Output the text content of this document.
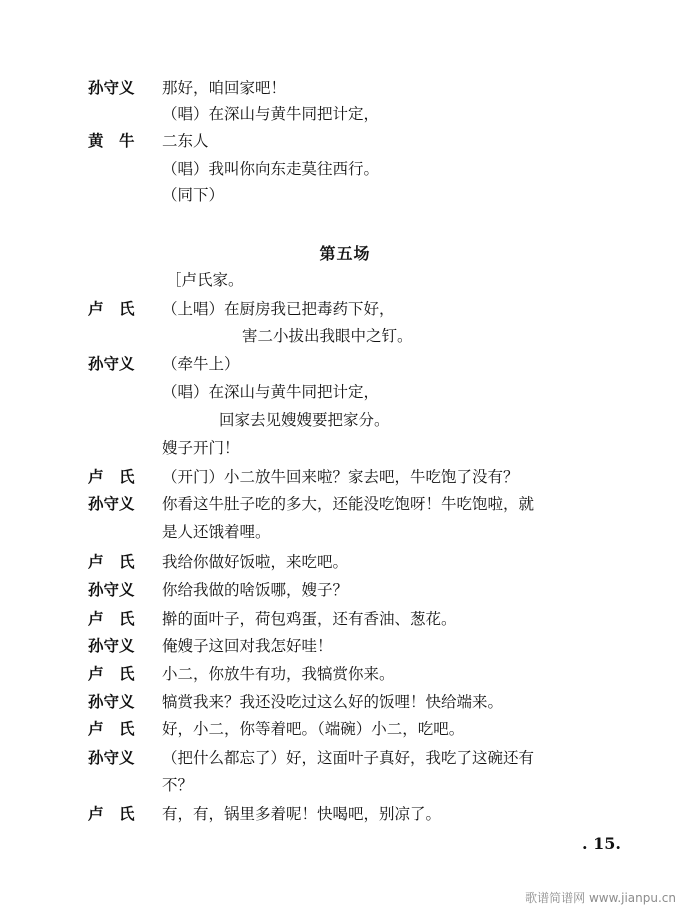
孙守义	那好，咱回家吧！
（唱）在深山与黄牛同把计定，
黄　牛	二东人
（唱）我叫你向东走莫往西行。
（同下）
第五场
［卢氏家。
卢　氏	（上唱）在厨房我已把毒药下好，
害二小拔出我眼中之钉。
孙守义	（牵牛上）
（唱）在深山与黄牛同把计定，
回家去见嫂嫂要把家分。
嫂子开门！
卢　氏	（开门）小二放牛回来啦？家去吧，牛吃饱了没有？
孙守义	你看这牛肚子吃的多大，还能没吃饱呀！牛吃饱啦，就
是人还饿着哩。
卢　氏	我给你做好饭啦，来吃吧。
孙守义	你给我做的啥饭哪，嫂子？
卢　氏	擀的面叶子，荷包鸡蛋，还有香油、葱花。
孙守义	俺嫂子这回对我怎好哇！
卢　氏	小二，你放牛有功，我犒赏你来。
孙守义	犒赏我来？我还没吃过这么好的饭哩！快给端来。
卢　氏	好，小二，你等着吧。（端碗）小二，吃吧。
孙守义	（把什么都忘了）好，这面叶子真好，我吃了这碗还有
不？
卢　氏	有，有，锅里多着呢！快喝吧，别凉了。
. 15.
歌谱简谱网 www.jianpu.cn
